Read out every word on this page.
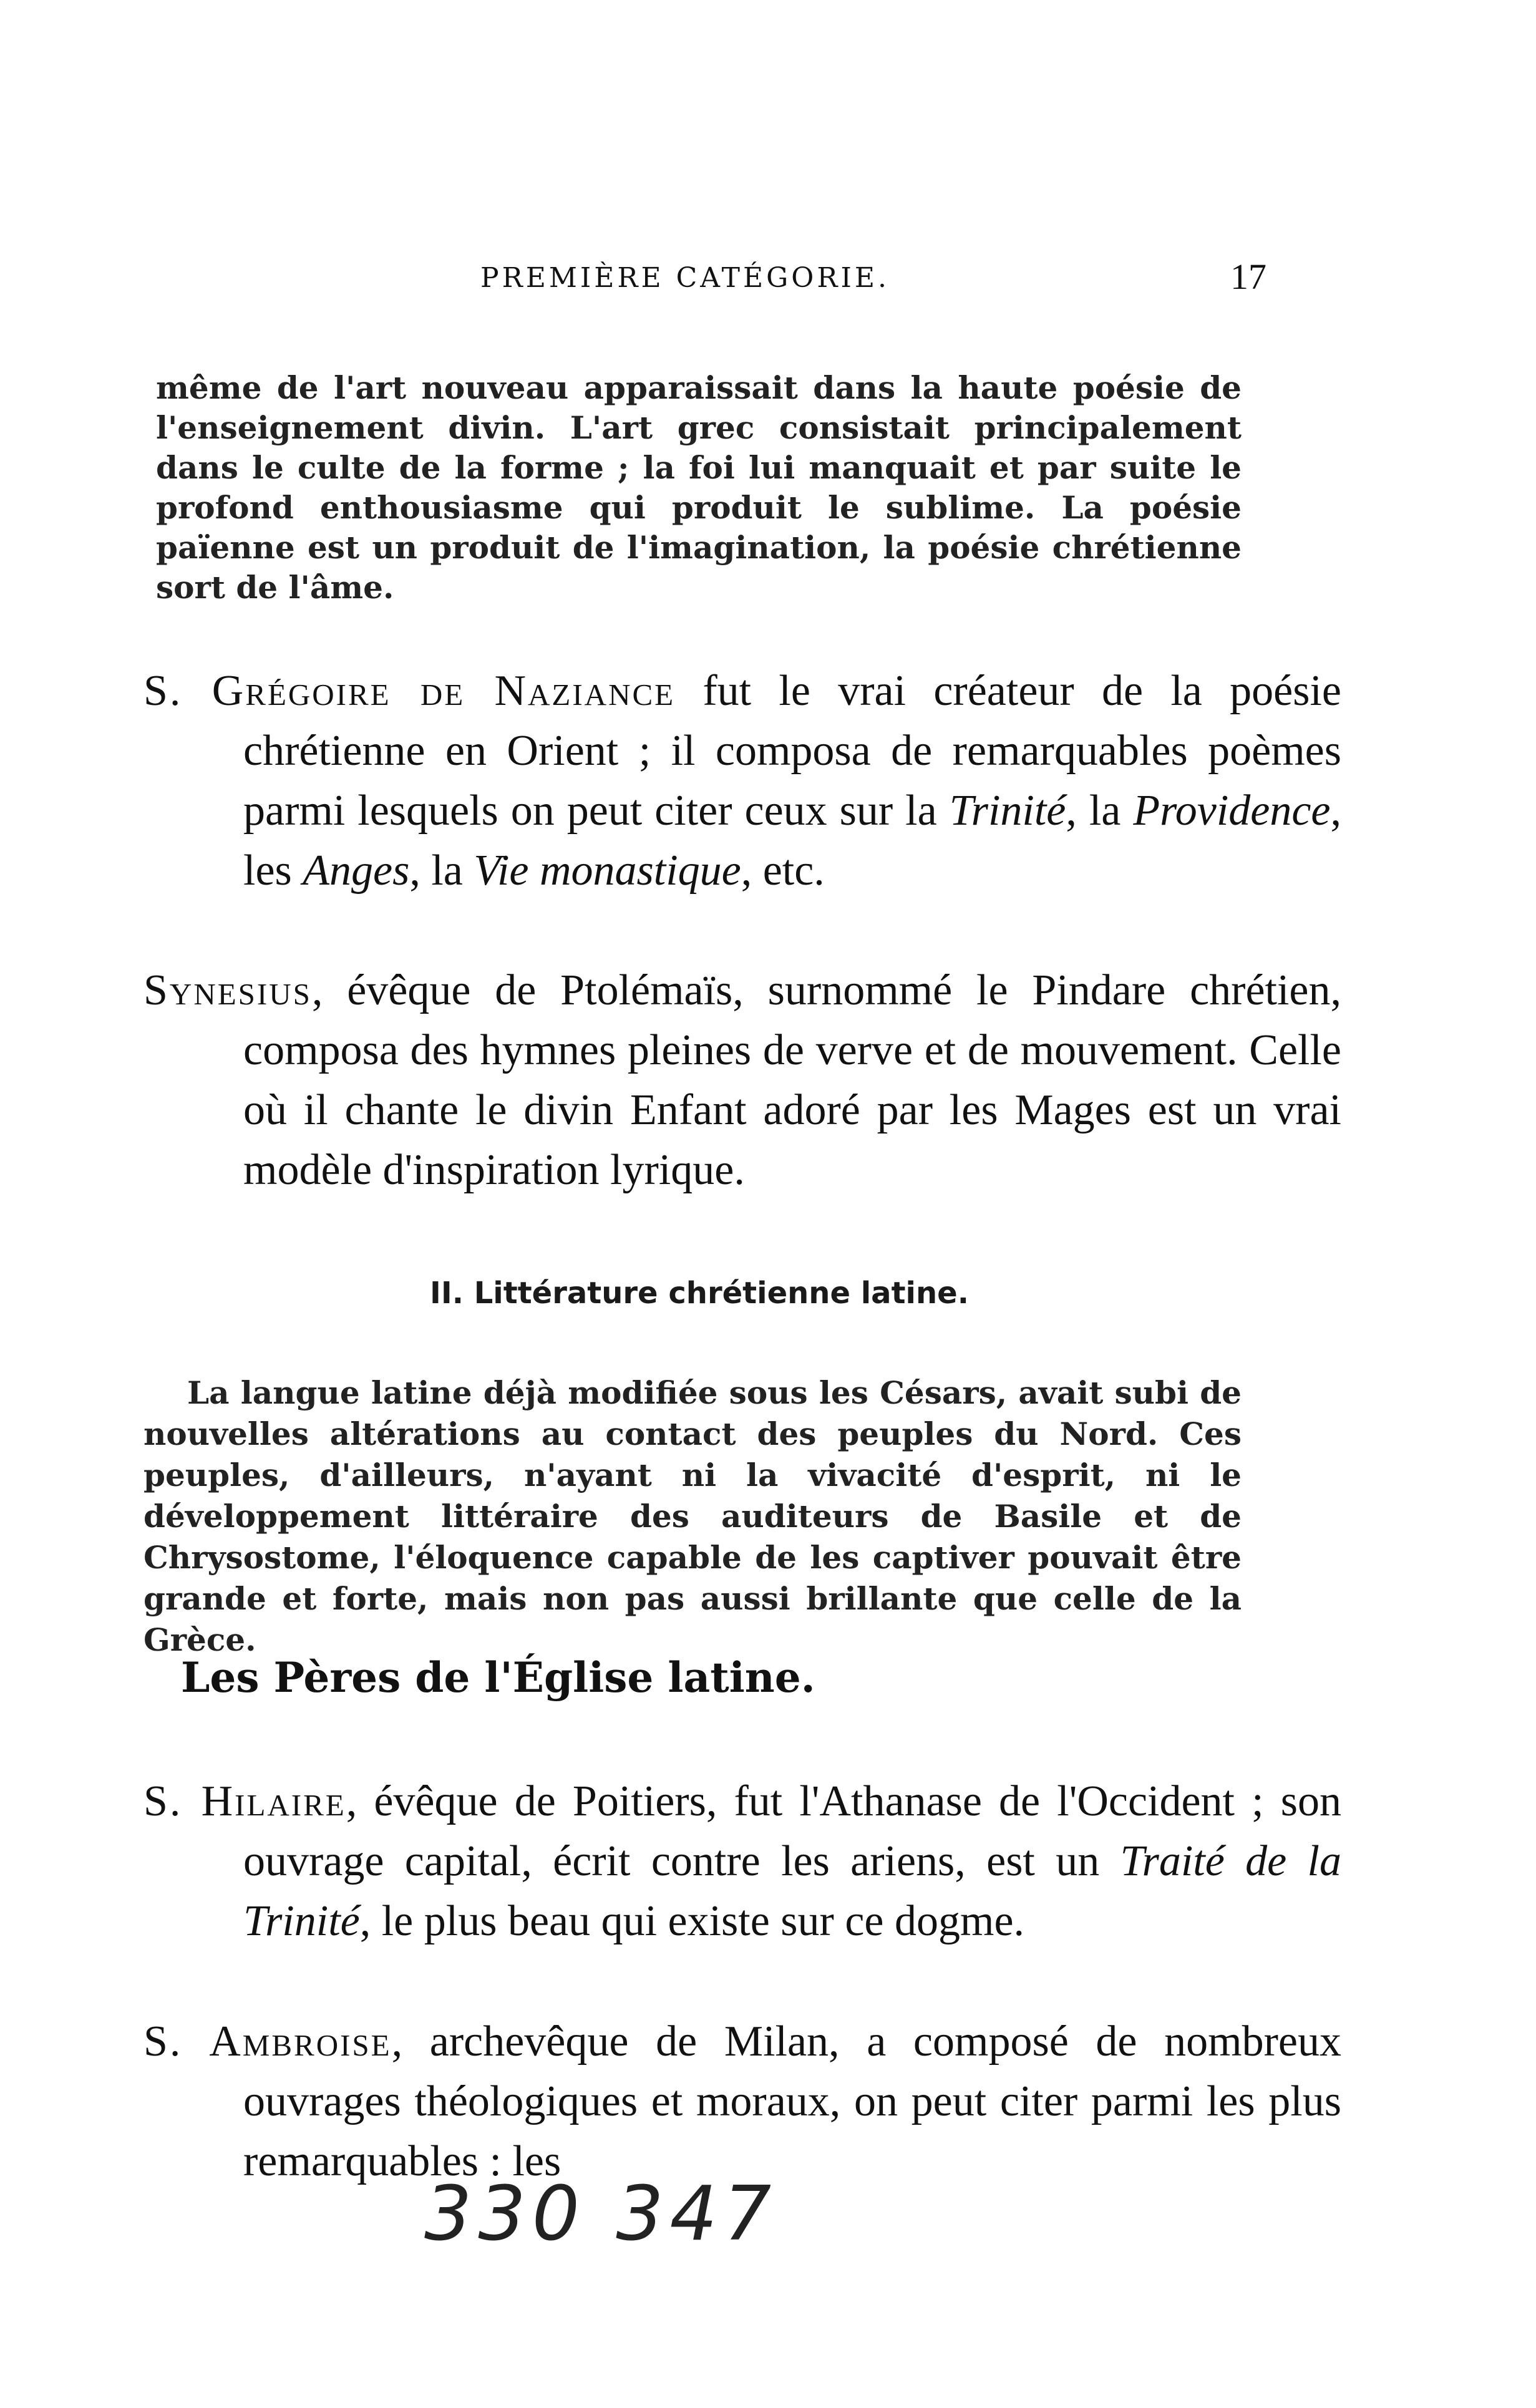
PREMIÈRE CATÉGORIE.	17

même de l'art nouveau apparaissait dans la haute poésie de l'enseignement divin. L'art grec consistait principalement dans le culte de la forme ; la foi lui manquait et par suite le profond enthousiasme qui produit le sublime. La poésie païenne est un produit de l'imagination, la poésie chrétienne sort de l'âme.

S. Grégoire de Naziance fut le vrai créateur de la poésie chrétienne en Orient ; il composa de remarquables poèmes parmi lesquels on peut citer ceux sur la Trinité, la Providence, les Anges, la Vie monastique, etc.

Synesius, évêque de Ptolémaïs, surnommé le Pindare chrétien, composa des hymnes pleines de verve et de mouvement. Celle où il chante le divin Enfant adoré par les Mages est un vrai modèle d'inspiration lyrique.

II. Littérature chrétienne latine.

La langue latine déjà modifiée sous les Césars, avait subi de nouvelles altérations au contact des peuples du Nord. Ces peuples, d'ailleurs, n'ayant ni la vivacité d'esprit, ni le développement littéraire des auditeurs de Basile et de Chrysostome, l'éloquence capable de les captiver pouvait être grande et forte, mais non pas aussi brillante que celle de la Grèce.

Les Pères de l'Église latine.

S. Hilaire, évêque de Poitiers, fut l'Athanase de l'Occident ; son ouvrage capital, écrit contre les ariens, est un Traité de la Trinité, le plus beau qui existe sur ce dogme.

S. Ambroise, archevêque de Milan, a composé de nombreux ouvrages théologiques et moraux, on peut citer parmi les plus remarquables : les

330 347
